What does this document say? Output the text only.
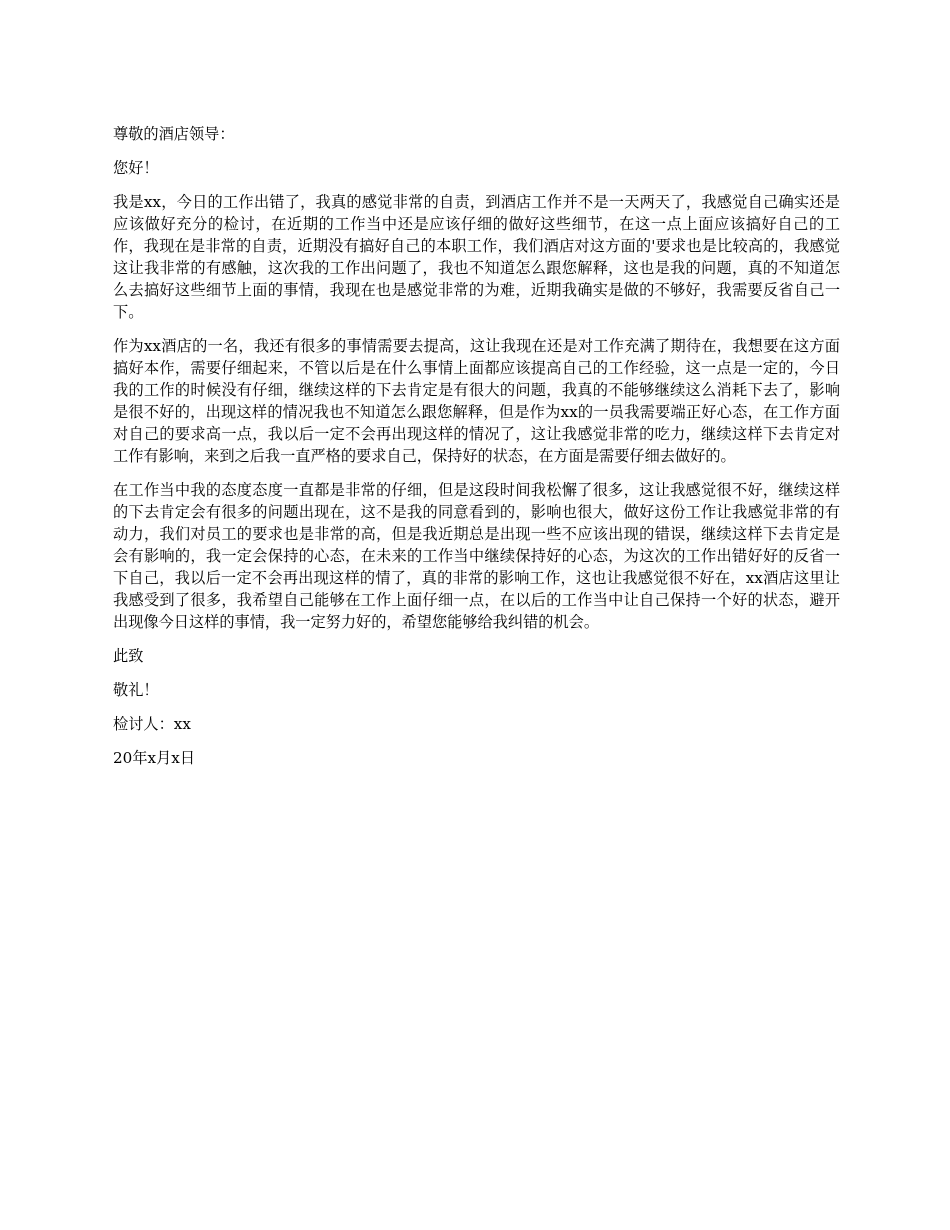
尊敬的酒店领导：

您好！

我是xx，今日的工作出错了，我真的感觉非常的自责，到酒店工作并不是一天两天了，我感觉自己确实还是应该做好充分的检讨，在近期的工作当中还是应该仔细的做好这些细节，在这一点上面应该搞好自己的工作，我现在是非常的自责，近期没有搞好自己的本职工作，我们酒店对这方面的'要求也是比较高的，我感觉这让我非常的有感触，这次我的工作出问题了，我也不知道怎么跟您解释，这也是我的问题，真的不知道怎么去搞好这些细节上面的事情，我现在也是感觉非常的为难，近期我确实是做的不够好，我需要反省自己一下。

作为xx酒店的一名，我还有很多的事情需要去提高，这让我现在还是对工作充满了期待在，我想要在这方面搞好本作，需要仔细起来，不管以后是在什么事情上面都应该提高自己的工作经验，这一点是一定的，今日我的工作的时候没有仔细，继续这样的下去肯定是有很大的问题，我真的不能够继续这么消耗下去了，影响是很不好的，出现这样的情况我也不知道怎么跟您解释，但是作为xx的一员我需要端正好心态，在工作方面对自己的要求高一点，我以后一定不会再出现这样的情况了，这让我感觉非常的吃力，继续这样下去肯定对工作有影响，来到之后我一直严格的要求自己，保持好的状态，在方面是需要仔细去做好的。

在工作当中我的态度态度一直都是非常的仔细，但是这段时间我松懈了很多，这让我感觉很不好，继续这样的下去肯定会有很多的问题出现在，这不是我的同意看到的，影响也很大，做好这份工作让我感觉非常的有动力，我们对员工的要求也是非常的高，但是我近期总是出现一些不应该出现的错误，继续这样下去肯定是会有影响的，我一定会保持的心态，在未来的工作当中继续保持好的心态，为这次的工作出错好好的反省一下自己，我以后一定不会再出现这样的情了，真的非常的影响工作，这也让我感觉很不好在，xx酒店这里让我感受到了很多，我希望自己能够在工作上面仔细一点，在以后的工作当中让自己保持一个好的状态，避开出现像今日这样的事情，我一定努力好的，希望您能够给我纠错的机会。

此致

敬礼！

检讨人：xx

20年x月x日
